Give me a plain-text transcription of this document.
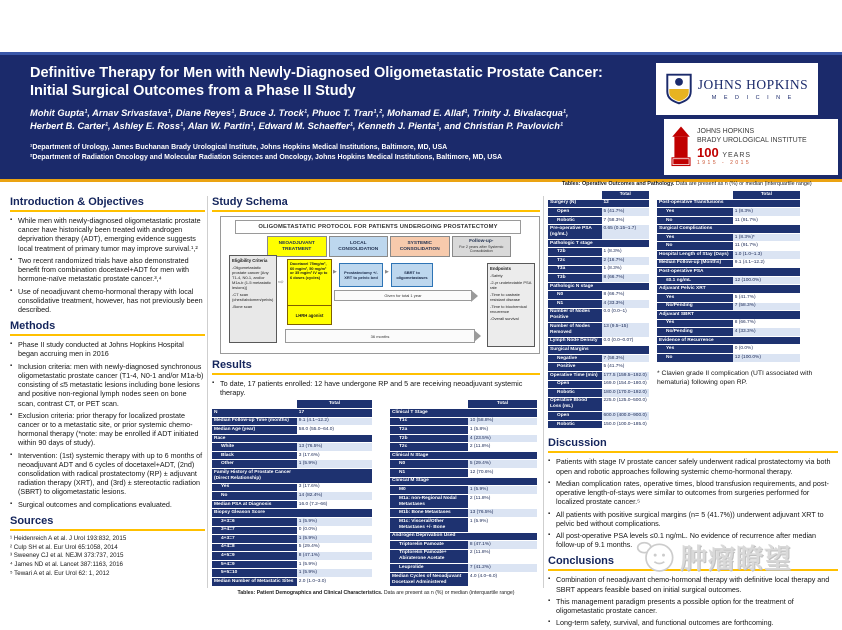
Definitive Therapy for Men with Newly-Diagnosed Oligometastatic Prostate Cancer:
Initial Surgical Outcomes from a Phase II Study
Mohit Gupta¹, Arnav Srivastava¹, Diane Reyes¹, Bruce J. Trock¹, Phuoc T. Tran¹,², Mohamad E. Allaf¹, Trinity J. Bivalacqua¹,
Herbert B. Carter¹, Ashley E. Ross¹, Alan W. Partin¹, Edward M. Schaeffer¹, Kenneth J. Pienta¹, and Christian P. Pavlovich¹
¹Department of Urology, James Buchanan Brady Urological Institute, Johns Hopkins Medical Institutions, Baltimore, MD, USA
²Department of Radiation Oncology and Molecular Radiation Sciences and Oncology, Johns Hopkins Medical Institutions, Baltimore, MD, USA
JOHNS HOPKINS
M E D I C I N E
JOHNS HOPKINS
BRADY UROLOGICAL INSTITUTE
100 YEARS
1915 - 2015
Introduction & Objectives
▪ While men with newly-diagnosed oligometastatic prostate cancer have historically been treated with androgen deprivation therapy (ADT), emerging evidence suggests local treatment of primary tumor may improve survival.¹,²
▪ Two recent randomized trials have also demonstrated benefit from combination docetaxel+ADT for men with hormone-naïve metastatic prostate cancer.³,⁴
▪ Use of neoadjuvant chemo-hormonal therapy with local consolidative treatment, however, has not previously been described.
Methods
▪ Phase II study conducted at Johns Hopkins Hospital began accruing men in 2016
▪ Inclusion criteria: men with newly-diagnosed synchronous oligometastatic prostate cancer (T1-4, N0-1 and/or M1a-b) consisting of ≤5 metastatic lesions including bone lesions and positive non-regional lymph nodes seen on bone scan, contrast CT, or PET scan.
▪ Exclusion criteria: prior therapy for localized prostate cancer or to a metastatic site, or prior systemic chemo-hormonal therapy (*note: may be enrolled if ADT initiated within 90 days of study).
▪ Intervention: (1st) systemic therapy with up to 6 months of neoadjuvant ADT and 6 cycles of docetaxel+ADT, (2nd) consolidation with radical prostatectomy (RP) ± adjuvant radiation therapy (XRT), and (3rd) ± stereotactic radiation (SBRT) to oligometastatic lesions.
▪ Surgical outcomes and complications evaluated.
Sources
¹ Heidenreich A et al. J Urol 193:832, 2015
² Culp SH et al. Eur Urol 65:1058, 2014
³ Sweeney CJ et al. NEJM 373:737, 2015
⁴ James ND et al. Lancet 387:1163, 2016
⁵ Tewari A et al. Eur Urol 62: 1, 2012
Study Schema
OLIGOMETASTATIC PROTOCOL FOR PATIENTS UNDERGOING PROSTATECTOMY
NEOADJUVANT TREATMENT
LOCAL CONSOLIDATION
SYSTEMIC CONSOLIDATION
Follow-up-
For 2 years after Systemic Consolidation
Eligibility Criteria
-Oligometastatic prostate cancer [Any T1-4, N0-1, and/or M1a-b (1-5 metastatic lesions)]
-CT scan (chest/abdomen/pelvis)
-Bone scan
⇨
Docetaxel 75mg/m², 60 mg/m², 50 mg/m² or 35 mg/m² IV up to 6 doses (cycles)
LHRH agonist
▶	Prostatectomy +/- XRT to pelvic bed
▶	SBRT to oligometastases
Given for total 1 year
36 months
Endpoints
-Safety
-2-yr undetectable PSA rate
-Time to castrate resistant disease
-Time to biochemical recurrence
-Overall survival
Results
▪ To date, 17 patients enrolled: 12 have undergone RP and 5 are receiving neoadjuvant systemic therapy.
Total
N	17
Median Follow-up Time (months)	9.1 (4.1–12.2)
Median Age (year)	58.0 (55.0–64.0)
Race
White	13 (76.5%)
Black	3 (17.6%)
Other	1 (5.9%)
Family History of Prostate Cancer (Direct Relationship)
Yes	3 (17.6%)
No	14 (82.4%)
Median PSA at Diagnosis	16.0 (7.2–66)
Biopsy Gleason Score
3+3=6	1 (5.9%)
3+4=7	0 (0.0%)
4+3=7	1 (5.9%)
4+4=8	5 (29.4%)
4+5=9	8 (47.1%)
5+4=9	1 (5.9%)
5+5=10	1 (5.9%)
Median Number of Metastatic Sites	2.0 (1.0–3.0)
Total
Clinical T Stage
T1c	10 (58.8%)
T2a	1 (5.8%)
T2b	4 (23.5%)
T2c	2 (11.8%)
Clinical N Stage
N0	5 (29.4%)
N1	12 (70.6%)
Clinical M Stage
M0	1 (5.9%)
M1a: non-Regional Nodal Metastases
2 (11.8%)
M1b: Bone Metastases	13 (76.5%)
M1c: Visceral/Other Metastases +/- Bone
1 (5.9%)
Androgen Deprivation Used
Triptorelin Pamoate	8 (47.1%)
Triptorelin Pamoate+ Abiraterone Acetate
2 (11.8%)
Leuprolide	7 (41.2%)
Median Cycles of Neoadjuvant Docetaxel Administered
4.0 (4.0–6.0)
Tables: Patient Demographics and Clinical Characteristics. Data are present as n (%) or median (interquartile range)
Tables: Operative Outcomes and Pathology. Data are present as n (%) or median (interquartile range)
Total
Surgery (N)	12
Open	5 (41.7%)
Robotic	7 (58.3%)
Pre-operative PSA (ng/mL)
0.65 (0.15–1.7)
Pathologic T stage
T2b	1 (8.3%)
T2c	2 (16.7%)
T3a	1 (8.3%)
T3b	8 (66.7%)
Pathologic N stage
N0	8 (66.7%)
N1	4 (33.3%)
Number of Nodes Positive
0.0 (0.0–1)
Number of Nodes Removed
13 (9.5–15)
Lymph Node Density	0.0 (0.0–0.07)
Surgical Margins
Negative	7 (58.3%)
Positive	5 (41.7%)
Operative Time (min)	177.5 (159.5–192.0)
Open	169.0 (154.0–180.0)
Robotic	180.0 (170.0–192.0)
Operative Blood Loss (mL)
225.0 (125.0–500.0)
Open	600.0 (400.0–900.0)
Robotic	150.0 (100.0–185.0)
Total
Post-operative Transfusions
Yes	1 (8.3%)
No	11 (91.7%)
Surgical Complications
Yes	1 (8.3%)*
No	11 (91.7%)
Hospital Length of Stay (Days)	1.0 (1.0–1.3)
Median Follow-up (Months)	9.1 (4.1–12.2)
Post-operative PSA
≤0.1 ng/mL	12 (100.0%)
Adjuvant Pelvic XRT
Yes	5 (41.7%)
No/Pending	7 (58.3%)
Adjuvant SBRT
Yes	8 (66.7%)
No/Pending	4 (33.3%)
Evidence of Recurrence
Yes	0 (0.0%)
No	12 (100.0%)
* Clavien grade II complication (UTI associated with hematuria) following open RP.
Discussion
▪ Patients with stage IV prostate cancer safely underwent radical prostatectomy via both open and robotic approaches following systemic chemo-hormonal therapy.
▪ Median complication rates, operative times, blood transfusion requirements, and post-operative length-of-stays were similar to outcomes from surgeries performed for localized prostate cancer.⁵
▪ All patients with positive surgical margins (n= 5 (41.7%)) underwent adjuvant XRT to pelvic bed without complications.
▪ All post-operative PSA levels ≤0.1 ng/mL. No evidence of recurrence after median follow-up of 9.1 months.
Conclusions
▪ Combination of neoadjuvant chemo-hormonal therapy with definitive local therapy and SBRT appears feasible based on initial surgical outcomes.
▪ This management paradigm presents a possible option for the treatment of oligometastatic prostate cancer.
▪ Long-term safety, survival, and functional outcomes are forthcoming.
肿瘤瞭望
